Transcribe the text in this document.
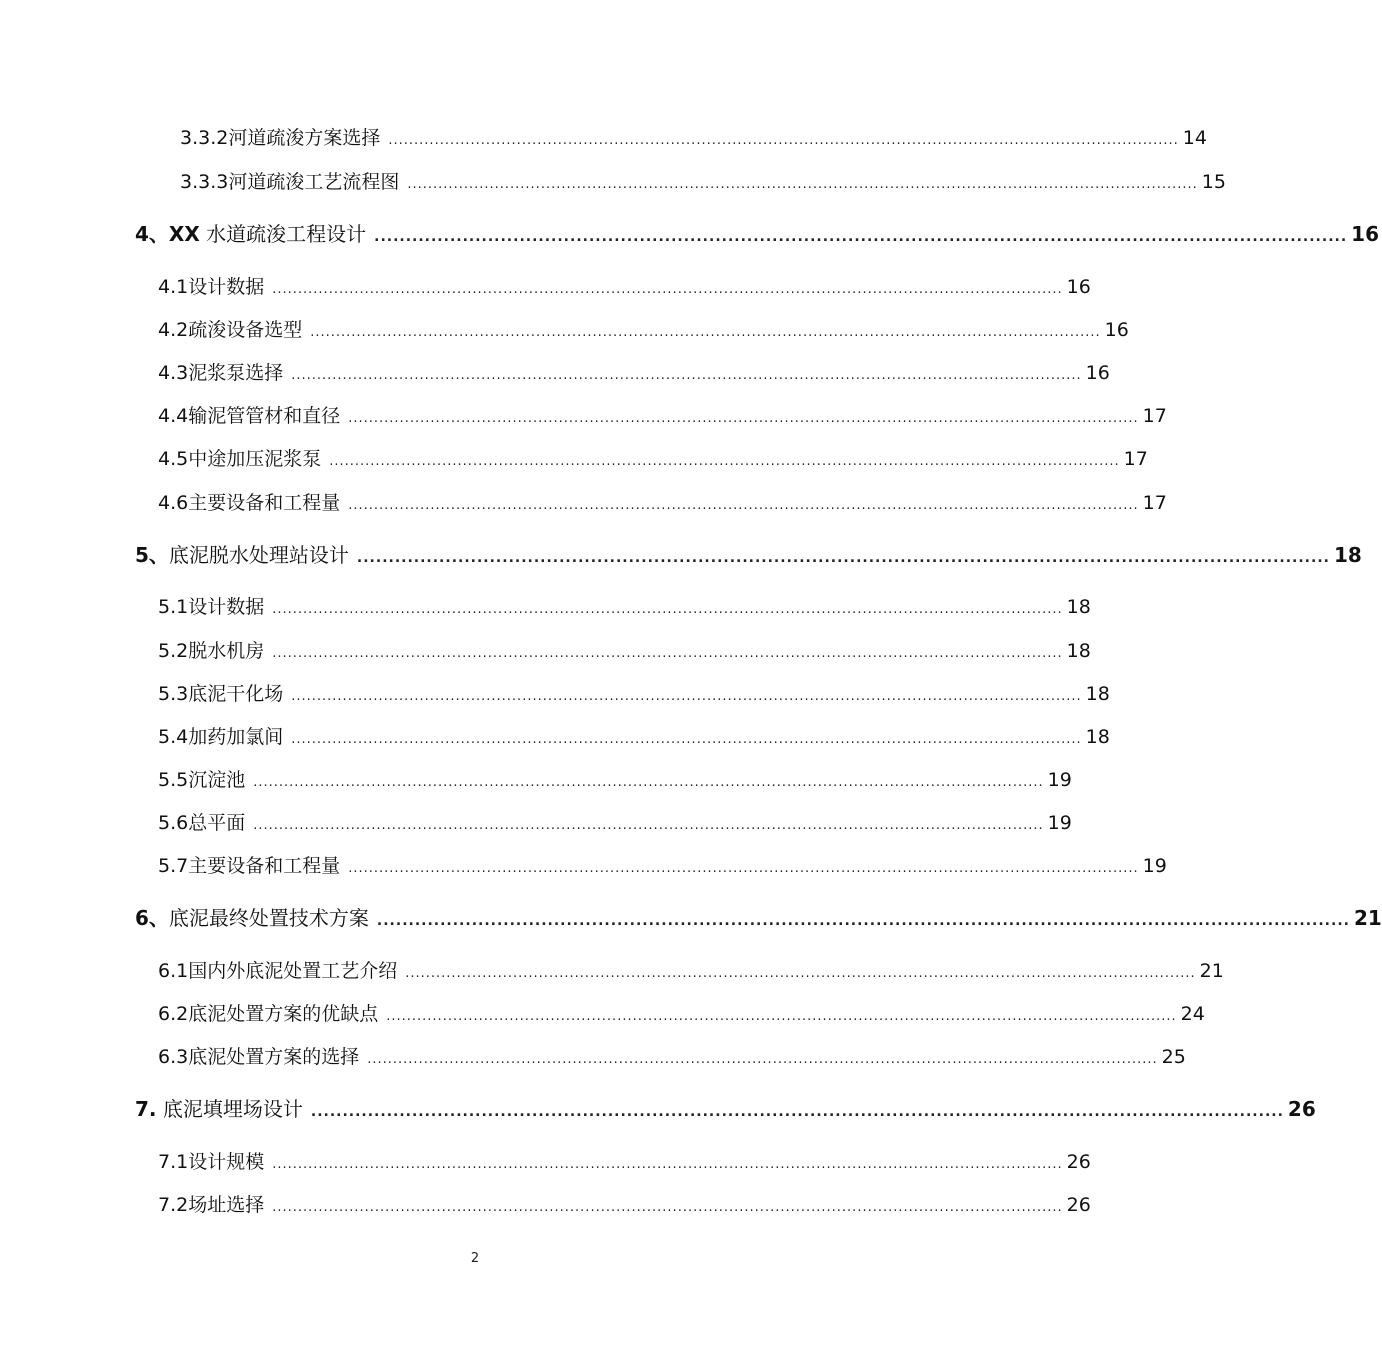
3.3.2河道疏浚方案选择 .......................................................................................................................................................... 14
3.3.3河道疏浚工艺流程图 .......................................................................................................................................................... 15
4、XX 水道疏浚工程设计 .......................................................................................................................................................... 16
4.1设计数据 .......................................................................................................................................................... 16
4.2疏浚设备选型 .......................................................................................................................................................... 16
4.3泥浆泵选择 .......................................................................................................................................................... 16
4.4输泥管管材和直径 .......................................................................................................................................................... 17
4.5中途加压泥浆泵 .......................................................................................................................................................... 17
4.6主要设备和工程量 .......................................................................................................................................................... 17
5、底泥脱水处理站设计 .......................................................................................................................................................... 18
5.1设计数据 .......................................................................................................................................................... 18
5.2脱水机房 .......................................................................................................................................................... 18
5.3底泥干化场 .......................................................................................................................................................... 18
5.4加药加氯间 .......................................................................................................................................................... 18
5.5沉淀池 .......................................................................................................................................................... 19
5.6总平面 .......................................................................................................................................................... 19
5.7主要设备和工程量 .......................................................................................................................................................... 19
6、底泥最终处置技术方案 .......................................................................................................................................................... 21
6.1国内外底泥处置工艺介绍 .......................................................................................................................................................... 21
6.2底泥处置方案的优缺点 .......................................................................................................................................................... 24
6.3底泥处置方案的选择 .......................................................................................................................................................... 25
7. 底泥填埋场设计 .......................................................................................................................................................... 26
7.1设计规模 .......................................................................................................................................................... 26
7.2场址选择 .......................................................................................................................................................... 26
2
